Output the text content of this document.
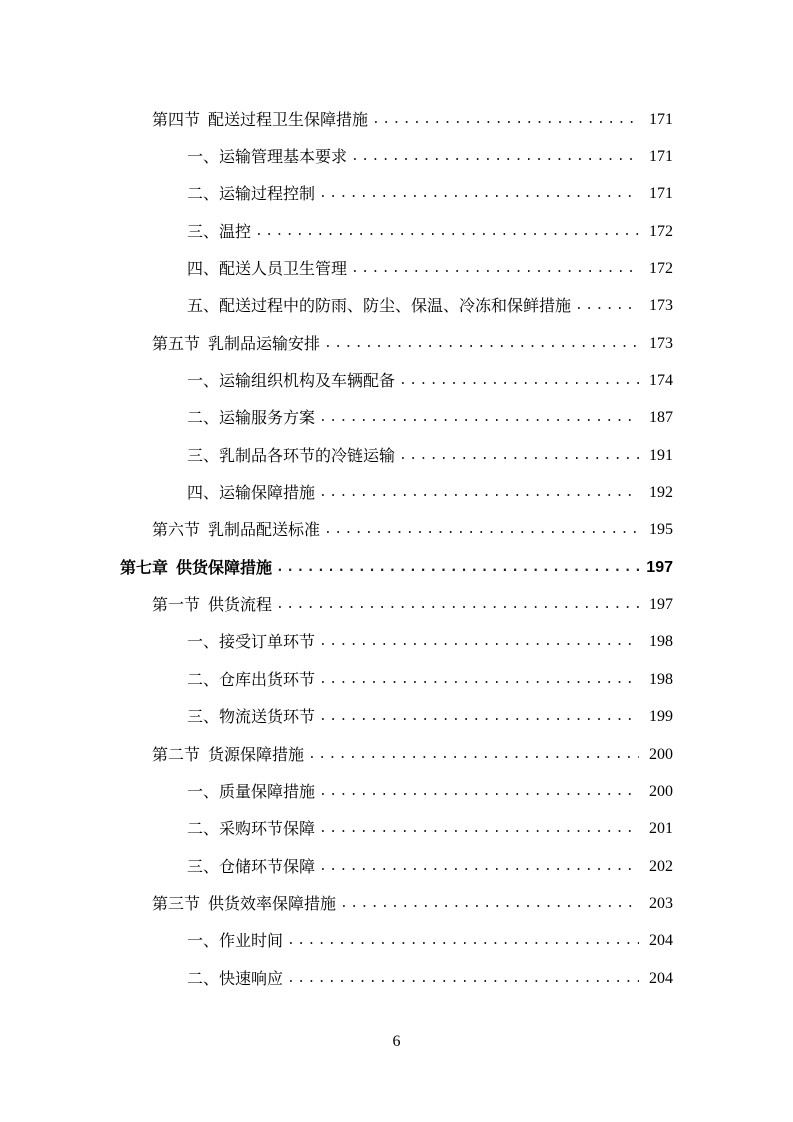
第四节 配送过程卫生保障措施 .....	171
一、运输管理基本要求 .....	171
二、运输过程控制 .....	171
三、温控 .....	172
四、配送人员卫生管理 .....	172
五、配送过程中的防雨、防尘、保温、冷冻和保鲜措施 .....	173
第五节 乳制品运输安排 .....	173
一、运输组织机构及车辆配备 .....	174
二、运输服务方案 .....	187
三、乳制品各环节的冷链运输 .....	191
四、运输保障措施 .....	192
第六节 乳制品配送标准 .....	195
第七章 供货保障措施 .....	197
第一节 供货流程 .....	197
一、接受订单环节 .....	198
二、仓库出货环节 .....	198
三、物流送货环节 .....	199
第二节 货源保障措施 .....	200
一、质量保障措施 .....	200
二、采购环节保障 .....	201
三、仓储环节保障 .....	202
第三节 供货效率保障措施 .....	203
一、作业时间 .....	204
二、快速响应 .....	204
6
